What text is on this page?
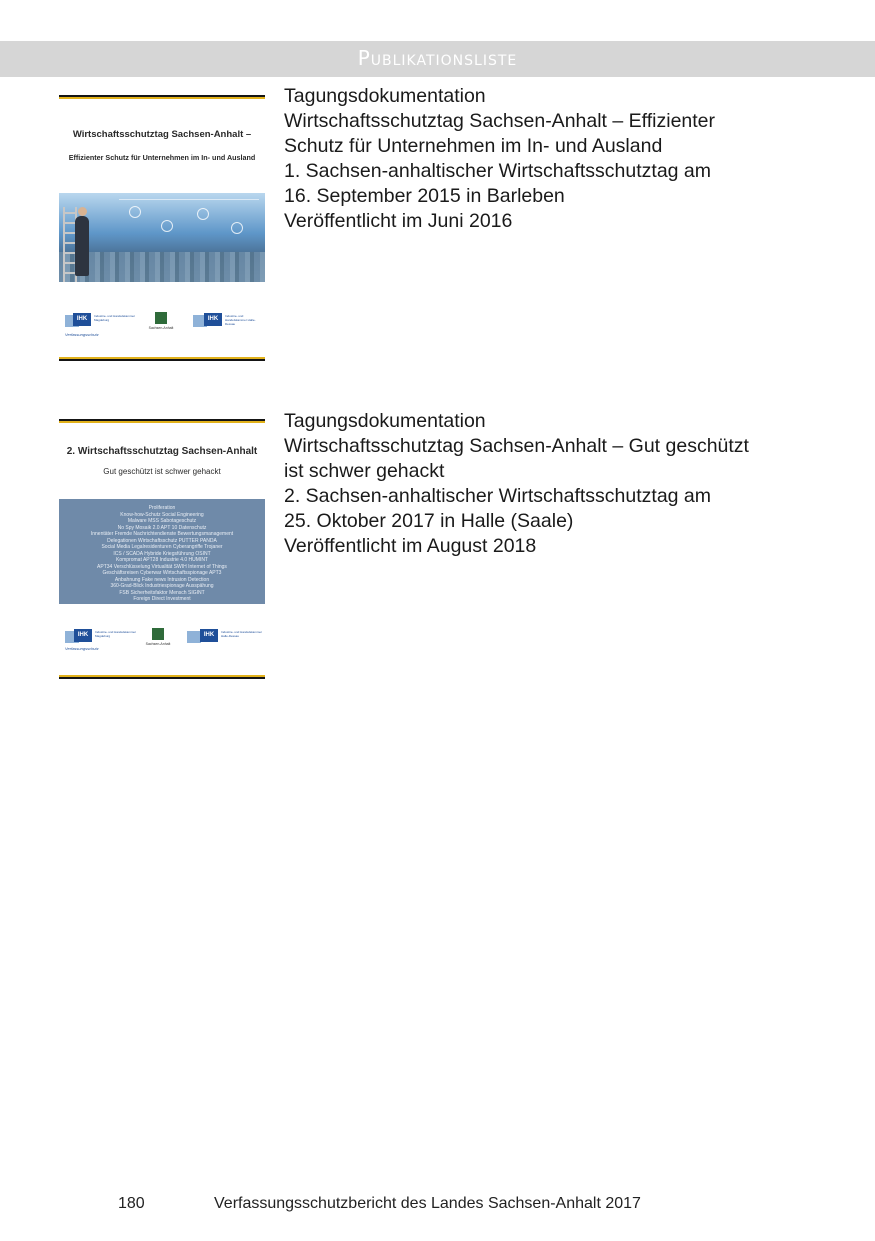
Publikationsliste
Wirtschaftsschutztag Sachsen-Anhalt –
Effizienter Schutz für Unternehmen im In- und Ausland
IHK	Industrie- und Handelskammer Magdeburg
Verfassungsschutz
Sachsen-Anhalt
IHK	Industrie- und Handelskammer Halle-Dessau
Tagungsdokumentation
Wirtschaftsschutztag Sachsen-Anhalt – Effizienter
Schutz für Unternehmen im In- und Ausland
1. Sachsen-anhaltischer Wirtschaftsschutztag am
16. September 2015 in Barleben
Veröffentlicht im Juni 2016
2. Wirtschaftsschutztag Sachsen-Anhalt
Gut geschützt ist schwer gehackt
Proliferation
Know-how-Schutz Social Engineering
Malware MSS Sabotageschutz
No Spy Mosaik 2.0 APT 10 Datenschutz
Innentäter Fremde Nachrichtendienste Bewertungsmanagement
Delegationen Wirtschaftsschutz PUTTER PANDA
Social Media Legalresidenturen Cyberangriffe Trojaner
ICS / SCADA Hybride Kriegsführung OSINT
Kompromat APT28 Industrie 4.0 HUMINT
APT34 Verschlüsselung Virtualität SWIH Internet of Things
Geschäftsreisen Cyberwar Wirtschaftsspionage APT3
Anbahnung Fake news Intrusion Detection
360-Grad-Blick Industriespionage Ausspähung
FSB Sicherheitsfaktor Mensch SIGINT
Foreign Direct Investment
IHK	Industrie- und Handelskammer Magdeburg
Verfassungsschutz
Sachsen-Anhalt
IHK	Industrie- und Handelskammer Halle-Dessau
Tagungsdokumentation
Wirtschaftsschutztag Sachsen-Anhalt – Gut geschützt
ist schwer gehackt
2. Sachsen-anhaltischer Wirtschaftsschutztag am
25. Oktober 2017 in Halle (Saale)
Veröffentlicht im August 2018
180	Verfassungsschutzbericht des Landes Sachsen-Anhalt 2017
